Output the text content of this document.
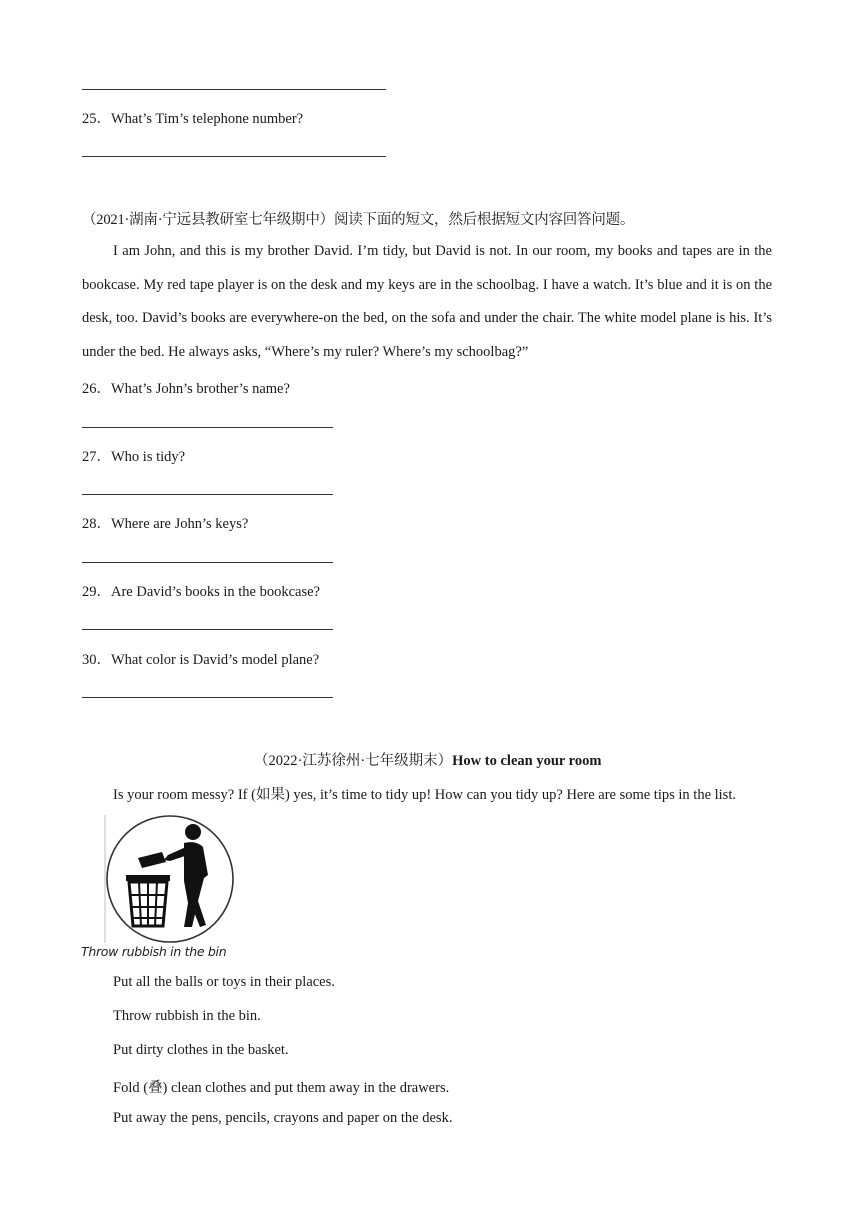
25．What’s Tim’s telephone number?
（2021·湖南·宁远县教研室七年级期中）阅读下面的短文，然后根据短文内容回答问题。
I am John, and this is my brother David. I’m tidy, but David is not. In our room, my books and tapes are in the bookcase. My red tape player is on the desk and my keys are in the schoolbag. I have a watch. It’s blue and it is on the desk, too. David’s books are everywhere-on the bed, on the sofa and under the chair. The white model plane is his. It’s under the bed. He always asks, “Where’s my ruler? Where’s my schoolbag?”
26．What’s John’s brother’s name?
27．Who is tidy?
28．Where are John’s keys?
29．Are David’s books in the bookcase?
30．What color is David’s model plane?
（2022·江苏徐州·七年级期末）How to clean your room
Is your room messy? If (如果) yes, it’s time to tidy up! How can you tidy up? Here are some tips in the list.
Throw rubbish in the bin
Put all the balls or toys in their places.
Throw rubbish in the bin.
Put dirty clothes in the basket.
Fold (叠) clean clothes and put them away in the drawers.
Put away the pens, pencils, crayons and paper on the desk.
